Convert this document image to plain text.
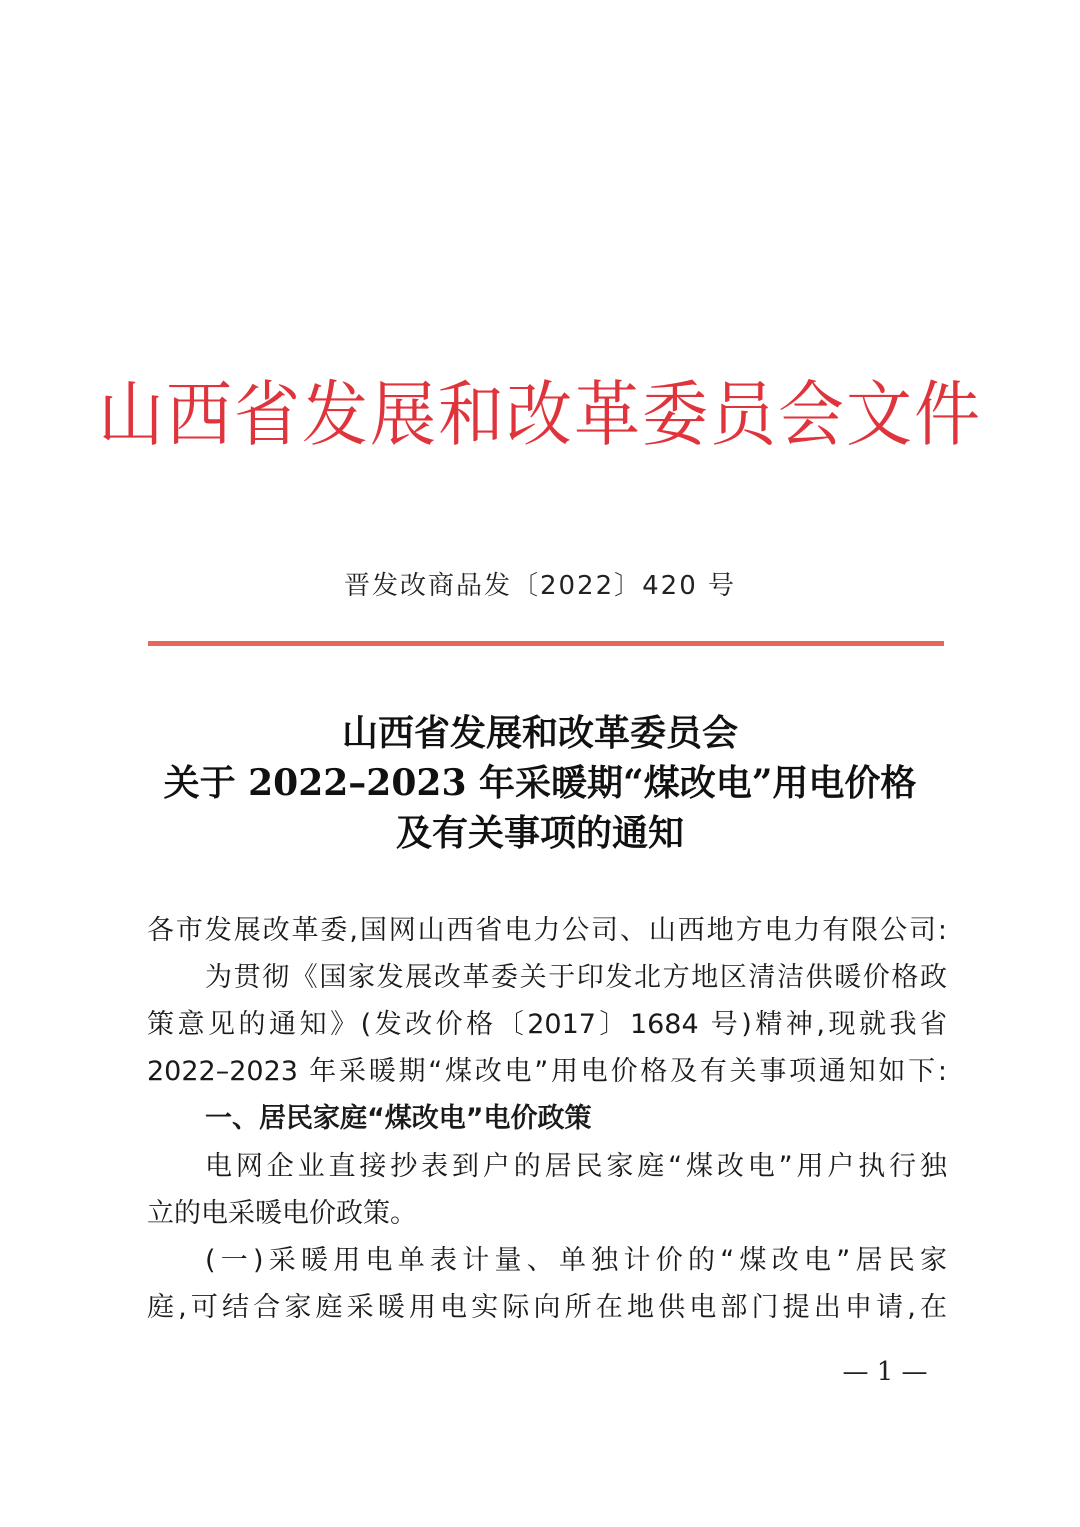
山西省发展和改革委员会文件
晋发改商品发〔2022〕420 号
山西省发展和改革委员会
关于 2022–2023 年采暖期“煤改电”用电价格
及有关事项的通知
各市发展改革委,国网山西省电力公司、山西地方电力有限公司:
为贯彻《国家发展改革委关于印发北方地区清洁供暖价格政
策意见的通知》(发改价格〔2017〕1684 号)精神,现就我省
2022–2023 年采暖期“煤改电”用电价格及有关事项通知如下:
一、居民家庭“煤改电”电价政策
电网企业直接抄表到户的居民家庭“煤改电”用户执行独
立的电采暖电价政策。
(一)采暖用电单表计量、单独计价的“煤改电”居民家
庭,可结合家庭采暖用电实际向所在地供电部门提出申请,在
— 1 —
